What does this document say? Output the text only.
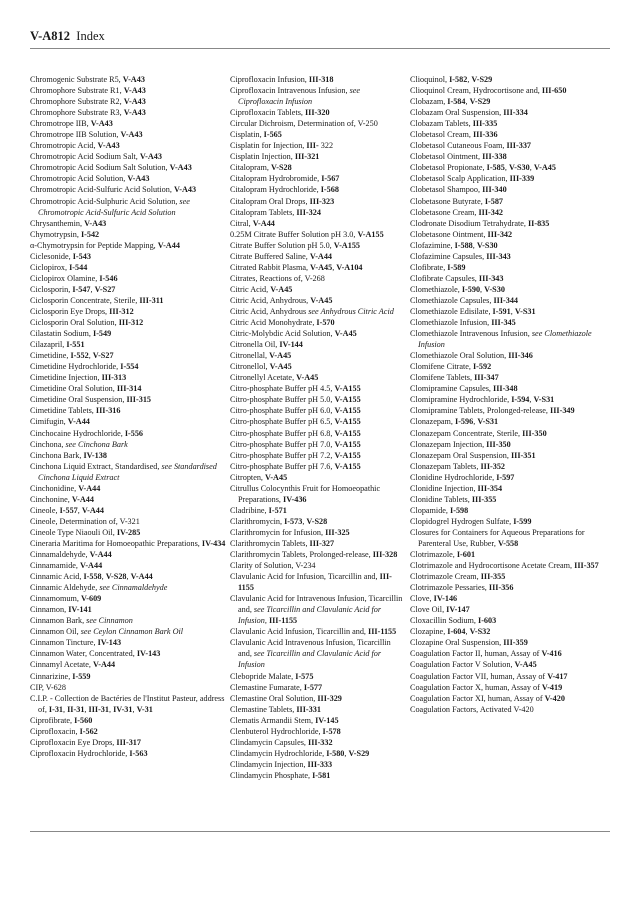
V-A812 Index
Chromogenic Substrate R5, V-A43
Chromophore Substrate R1, V-A43
Chromophore Substrate R2, V-A43
Chromophore Substrate R3, V-A43
Chromotrope IIB, V-A43
Chromotrope IIB Solution, V-A43
Chromotropic Acid, V-A43
Chromotropic Acid Sodium Salt, V-A43
Chromotropic Acid Sodium Salt Solution, V-A43
Chromotropic Acid Solution, V-A43
Chromotropic Acid-Sulfuric Acid Solution, V-A43
Chromotropic Acid-Sulphuric Acid Solution, see Chromotropic Acid-Sulfuric Acid Solution
Chrysanthemin, V-A43
Chymotrypsin, I-542
α-Chymotrypsin for Peptide Mapping, V-A44
Ciclesonide, I-543
Ciclopirox, I-544
Ciclopirox Olamine, I-546
Ciclosporin, I-547, V-S27
Ciclosporin Concentrate, Sterile, III-311
Ciclosporin Eye Drops, III-312
Ciclosporin Oral Solution, III-312
Cilastatin Sodium, I-549
Cilazapril, I-551
Cimetidine, I-552, V-S27
Cimetidine Hydrochloride, I-554
Cimetidine Injection, III-313
Cimetidine Oral Solution, III-314
Cimetidine Oral Suspension, III-315
Cimetidine Tablets, III-316
Cimifugin, V-A44
Cinchocaine Hydrochloride, I-556
Cinchona, see Cinchona Bark
Cinchona Bark, IV-138
Cinchona Liquid Extract, Standardised, see Standardised Cinchona Liquid Extract
Cinchonidine, V-A44
Cinchonine, V-A44
Cineole, I-557, V-A44
Cineole, Determination of, V-321
Cineole Type Niaouli Oil, IV-285
Cineraria Maritima for Homoeopathic Preparations, IV-434
Cinnamaldehyde, V-A44
Cinnamamide, V-A44
Cinnamic Acid, I-558, V-S28, V-A44
Cinnamic Aldehyde, see Cinnamaldehyde
Cinnamomum, V-609
Cinnamon, IV-141
Cinnamon Bark, see Cinnamon
Cinnamon Oil, see Ceylon Cinnamon Bark Oil
Cinnamon Tincture, IV-143
Cinnamon Water, Concentrated, IV-143
Cinnamyl Acetate, V-A44
Cinnarizine, I-559
CIP, V-628
C.I.P. - Collection de Bactéries de l'Institut Pasteur, address of, I-31, II-31, III-31, IV-31, V-31
Ciprofibrate, I-560
Ciprofloxacin, I-562
Ciprofloxacin Eye Drops, III-317
Ciprofloxacin Hydrochloride, I-563
Ciprofloxacin Infusion, III-318
Ciprofloxacin Intravenous Infusion, see Ciprofloxacin Infusion
Ciprofloxacin Tablets, III-320
Circular Dichroism, Determination of, V-250
Cisplatin, I-565
Cisplatin for Injection, III- 322
Cisplatin Injection, III-321
Citalopram, V-S28
Citalopram Hydrobromide, I-567
Citalopram Hydrochloride, I-568
Citalopram Oral Drops, III-323
Citalopram Tablets, III-324
Citral, V-A44
0.25M Citrate Buffer Solution pH 3.0, V-A155
Citrate Buffer Solution pH 5.0, V-A155
Citrate Buffered Saline, V-A44
Citrated Rabbit Plasma, V-A45, V-A104
Citrates, Reactions of, V-268
Citric Acid, V-A45
Citric Acid, Anhydrous, V-A45
Citric Acid, Anhydrous see Anhydrous Citric Acid
Citric Acid Monohydrate, I-570
Citric-Molybdic Acid Solution, V-A45
Citronella Oil, IV-144
Citronellal, V-A45
Citronellol, V-A45
Citronellyl Acetate, V-A45
Citro-phosphate Buffer pH 4.5, V-A155
Citro-phosphate Buffer pH 5.0, V-A155
Citro-phosphate Buffer pH 6.0, V-A155
Citro-phosphate Buffer pH 6.5, V-A155
Citro-phosphate Buffer pH 6.8, V-A155
Citro-phosphate Buffer pH 7.0, V-A155
Citro-phosphate Buffer pH 7.2, V-A155
Citro-phosphate Buffer pH 7.6, V-A155
Citropten, V-A45
Citrullus Colocynthis Fruit for Homoeopathic Preparations, IV-436
Cladribine, I-571
Clarithromycin, I-573, V-S28
Clarithromycin for Infusion, III-325
Clarithromycin Tablets, III-327
Clarithromycin Tablets, Prolonged-release, III-328
Clarity of Solution, V-234
Clavulanic Acid for Infusion, Ticarcillin and, III-1155
Clavulanic Acid for Intravenous Infusion, Ticarcillin and, see Ticarcillin and Clavulanic Acid for Infusion, III-1155
Clavulanic Acid Infusion, Ticarcillin and, III-1155
Clavulanic Acid Intravenous Infusion, Ticarcillin and, see Ticarcillin and Clavulanic Acid for Infusion
Clebopride Malate, I-575
Clemastine Fumarate, I-577
Clemastine Oral Solution, III-329
Clemastine Tablets, III-331
Clematis Armandii Stem, IV-145
Clenbuterol Hydrochloride, I-578
Clindamycin Capsules, III-332
Clindamycin Hydrochloride, I-580, V-S29
Clindamycin Injection, III-333
Clindamycin Phosphate, I-581
Clioquinol, I-582, V-S29
Clioquinol Cream, Hydrocortisone and, III-650
Clobazam, I-584, V-S29
Clobazam Oral Suspension, III-334
Clobazam Tablets, III-335
Clobetasol Cream, III-336
Clobetasol Cutaneous Foam, III-337
Clobetasol Ointment, III-338
Clobetasol Propionate, I-585, V-S30, V-A45
Clobetasol Scalp Application, III-339
Clobetasol Shampoo, III-340
Clobetasone Butyrate, I-587
Clobetasone Cream, III-342
Clodronate Disodium Tetrahydrate, II-835
Clobetasone Ointment, III-342
Clofazimine, I-588, V-S30
Clofazimine Capsules, III-343
Clofibrate, I-589
Clofibrate Capsules, III-343
Clomethiazole, I-590, V-S30
Clomethiazole Capsules, III-344
Clomethiazole Edisilate, I-591, V-S31
Clomethiazole Infusion, III-345
Clomethiazole Intravenous Infusion, see Clomethiazole Infusion
Clomethiazole Oral Solution, III-346
Clomifene Citrate, I-592
Clomifene Tablets, III-347
Clomipramine Capsules, III-348
Clomipramine Hydrochloride, I-594, V-S31
Clomipramine Tablets, Prolonged-release, III-349
Clonazepam, I-596, V-S31
Clonazepam Concentrate, Sterile, III-350
Clonazepam Injection, III-350
Clonazepam Oral Suspension, III-351
Clonazepam Tablets, III-352
Clonidine Hydrochloride, I-597
Clonidine Injection, III-354
Clonidine Tablets, III-355
Clopamide, I-598
Clopidogrel Hydrogen Sulfate, I-599
Closures for Containers for Aqueous Preparations for Parenteral Use, Rubber, V-558
Clotrimazole, I-601
Clotrimazole and Hydrocortisone Acetate Cream, III-357
Clotrimazole Cream, III-355
Clotrimazole Pessaries, III-356
Clove, IV-146
Clove Oil, IV-147
Cloxacillin Sodium, I-603
Clozapine, I-604, V-S32
Clozapine Oral Suspension, III-359
Coagulation Factor II, human, Assay of V-416
Coagulation Factor V Solution, V-A45
Coagulation Factor VII, human, Assay of V-417
Coagulation Factor X, human, Assay of V-419
Coagulation Factor XI, human, Assay of V-420
Coagulation Factors, Activated V-420
